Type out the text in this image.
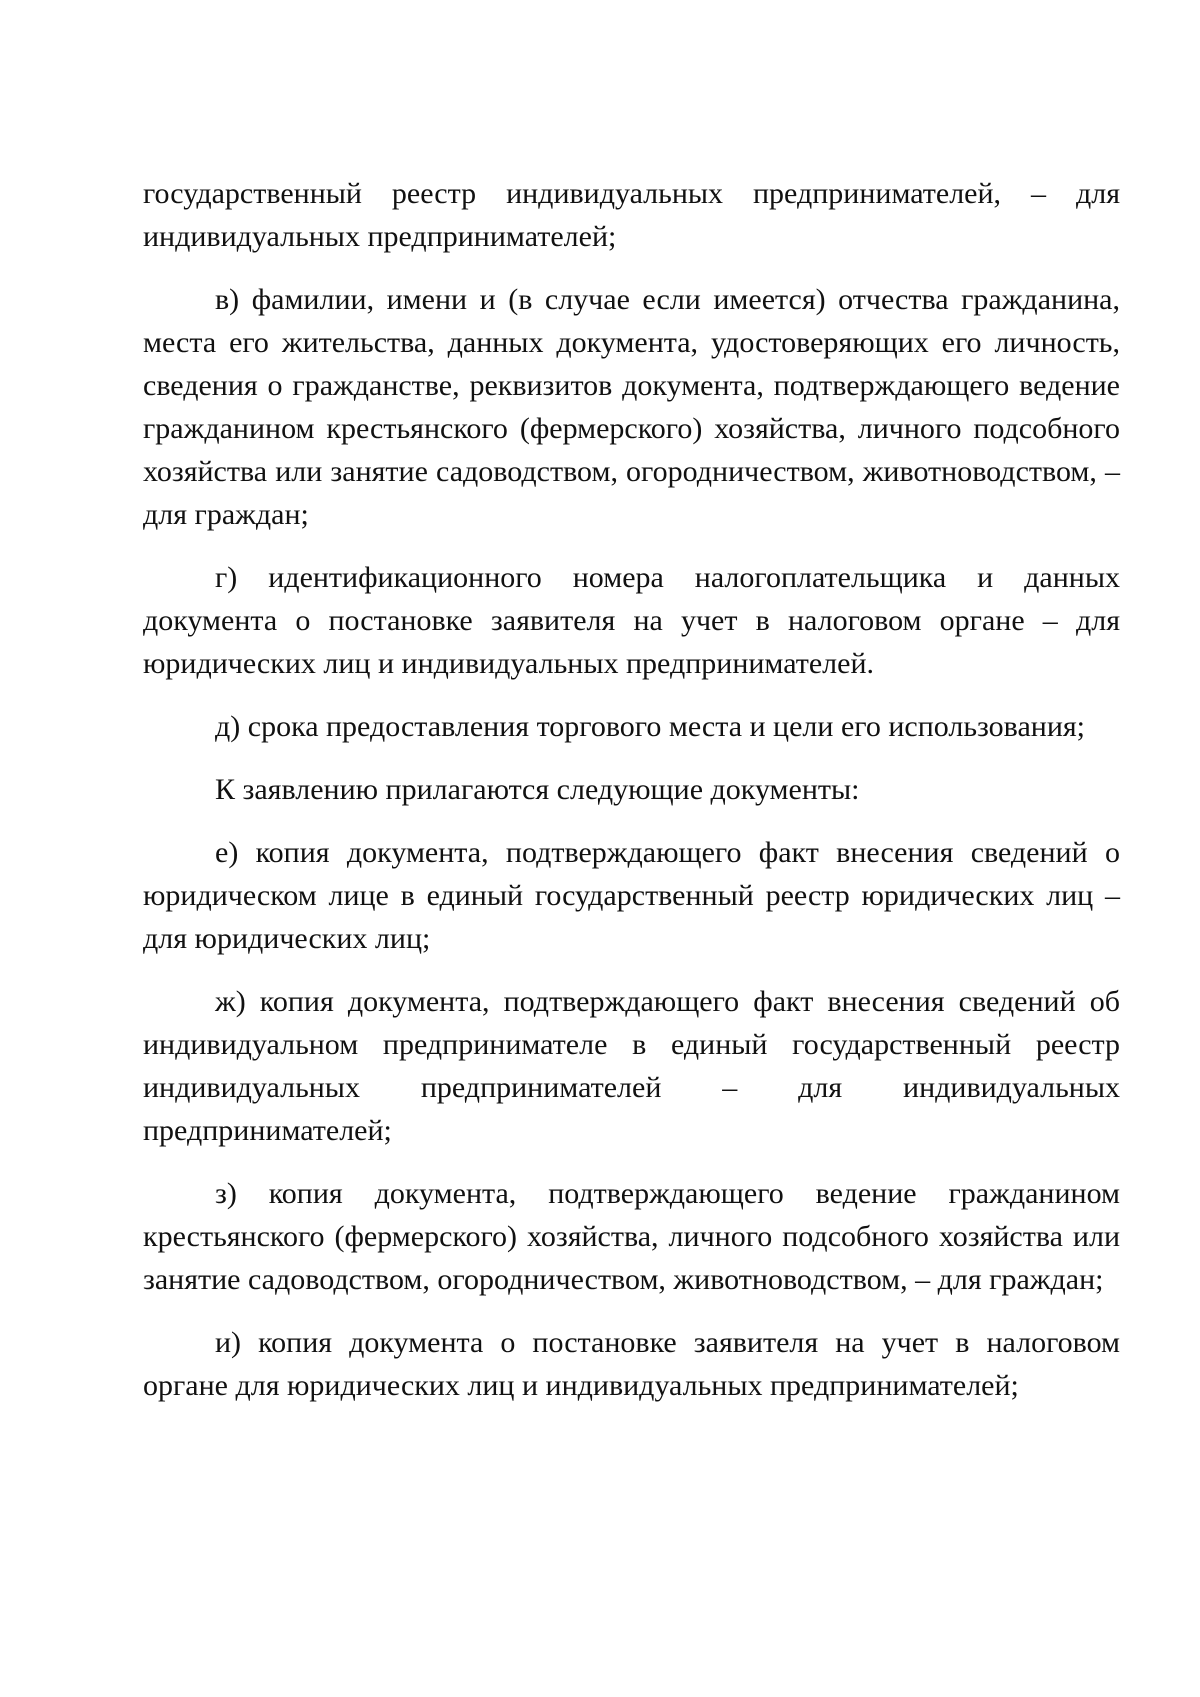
государственный реестр индивидуальных предпринимателей, – для индивидуальных предпринимателей;

в) фамилии, имени и (в случае если имеется) отчества гражданина, места его жительства, данных документа, удостоверяющих его личность, сведения о гражданстве, реквизитов документа, подтверждающего ведение гражданином крестьянского (фермерского) хозяйства, личного подсобного хозяйства или занятие садоводством, огородничеством, животноводством, – для граждан;

г) идентификационного номера налогоплательщика и данных документа о постановке заявителя на учет в налоговом органе – для юридических лиц и индивидуальных предпринимателей.

д) срока предоставления торгового места и цели его использования;

К заявлению прилагаются следующие документы:

е) копия документа, подтверждающего факт внесения сведений о юридическом лице в единый государственный реестр юридических лиц – для юридических лиц;

ж) копия документа, подтверждающего факт внесения сведений об индивидуальном предпринимателе в единый государственный реестр индивидуальных предпринимателей – для индивидуальных предпринимателей;

з) копия документа, подтверждающего ведение гражданином крестьянского (фермерского) хозяйства, личного подсобного хозяйства или занятие садоводством, огородничеством, животноводством, – для граждан;

и) копия документа о постановке заявителя на учет в налоговом органе для юридических лиц и индивидуальных предпринимателей;
